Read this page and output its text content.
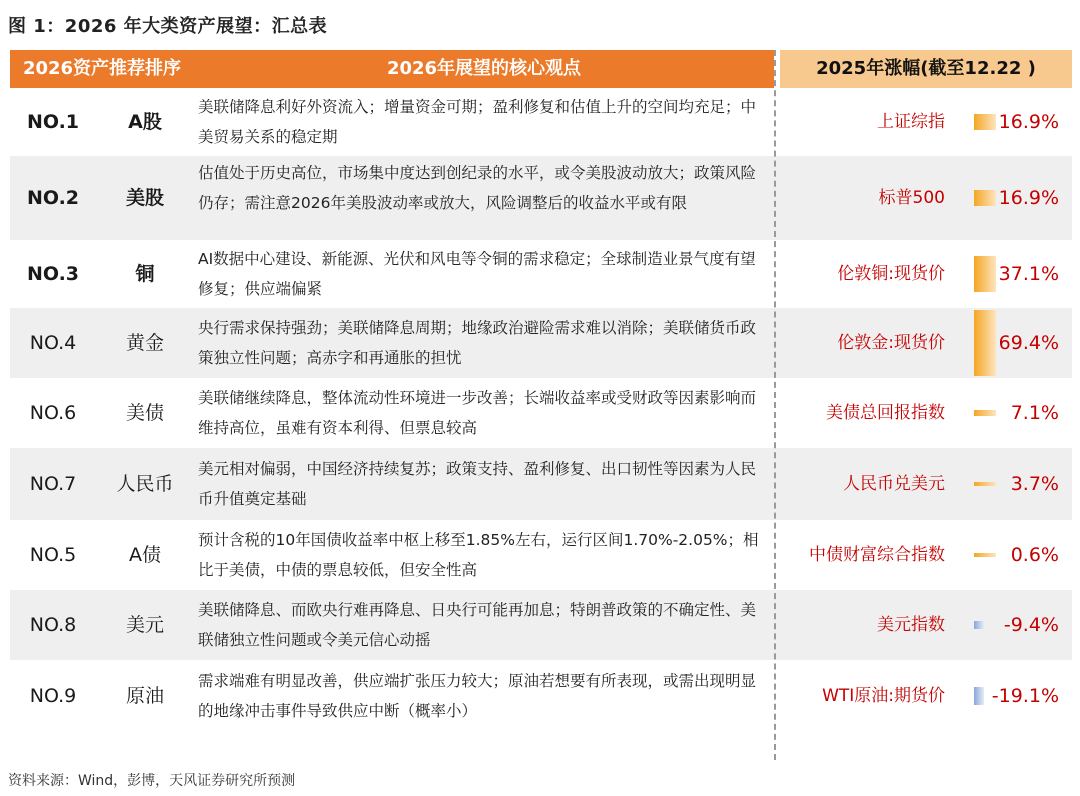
图 1：2026 年大类资产展望：汇总表
2026资产推荐排序	2026年展望的核心观点	2025年涨幅(截至12.22 )
NO.1	A股
美联储降息利好外资流入；增量资金可期；盈利修复和估值上升的空间均充足；中美贸易关系的稳定期
上证综指	16.9%
NO.2	美股
估值处于历史高位，市场集中度达到创纪录的水平，或令美股波动放大；政策风险仍存；需注意2026年美股波动率或放大，风险调整后的收益水平或有限	标普500	16.9%
NO.3	铜
AI数据中心建设、新能源、光伏和风电等令铜的需求稳定；全球制造业景气度有望修复；供应端偏紧
伦敦铜:现货价	37.1%
NO.4	黄金
央行需求保持强劲；美联储降息周期；地缘政治避险需求难以消除；美联储货币政策独立性问题；高赤字和再通胀的担忧
伦敦金:现货价	69.4%
NO.6	美债
美联储继续降息，整体流动性环境进一步改善；长端收益率或受财政等因素影响而维持高位，虽难有资本利得、但票息较高
美债总回报指数	7.1%
NO.7	人民币
美元相对偏弱，中国经济持续复苏；政策支持、盈利修复、出口韧性等因素为人民币升值奠定基础
人民币兑美元	3.7%
NO.5	A债
预计含税的10年国债收益率中枢上移至1.85%左右，运行区间1.70%-2.05%；相比于美债，中债的票息较低，但安全性高
中债财富综合指数	0.6%
NO.8	美元
美联储降息、而欧央行难再降息、日央行可能再加息；特朗普政策的不确定性、美联储独立性问题或令美元信心动摇
美元指数	-9.4%
NO.9	原油
需求端难有明显改善，供应端扩张压力较大；原油若想要有所表现，或需出现明显的地缘冲击事件导致供应中断（概率小）
WTI原油:期货价	-19.1%
资料来源：Wind，彭博，天风证券研究所预测
